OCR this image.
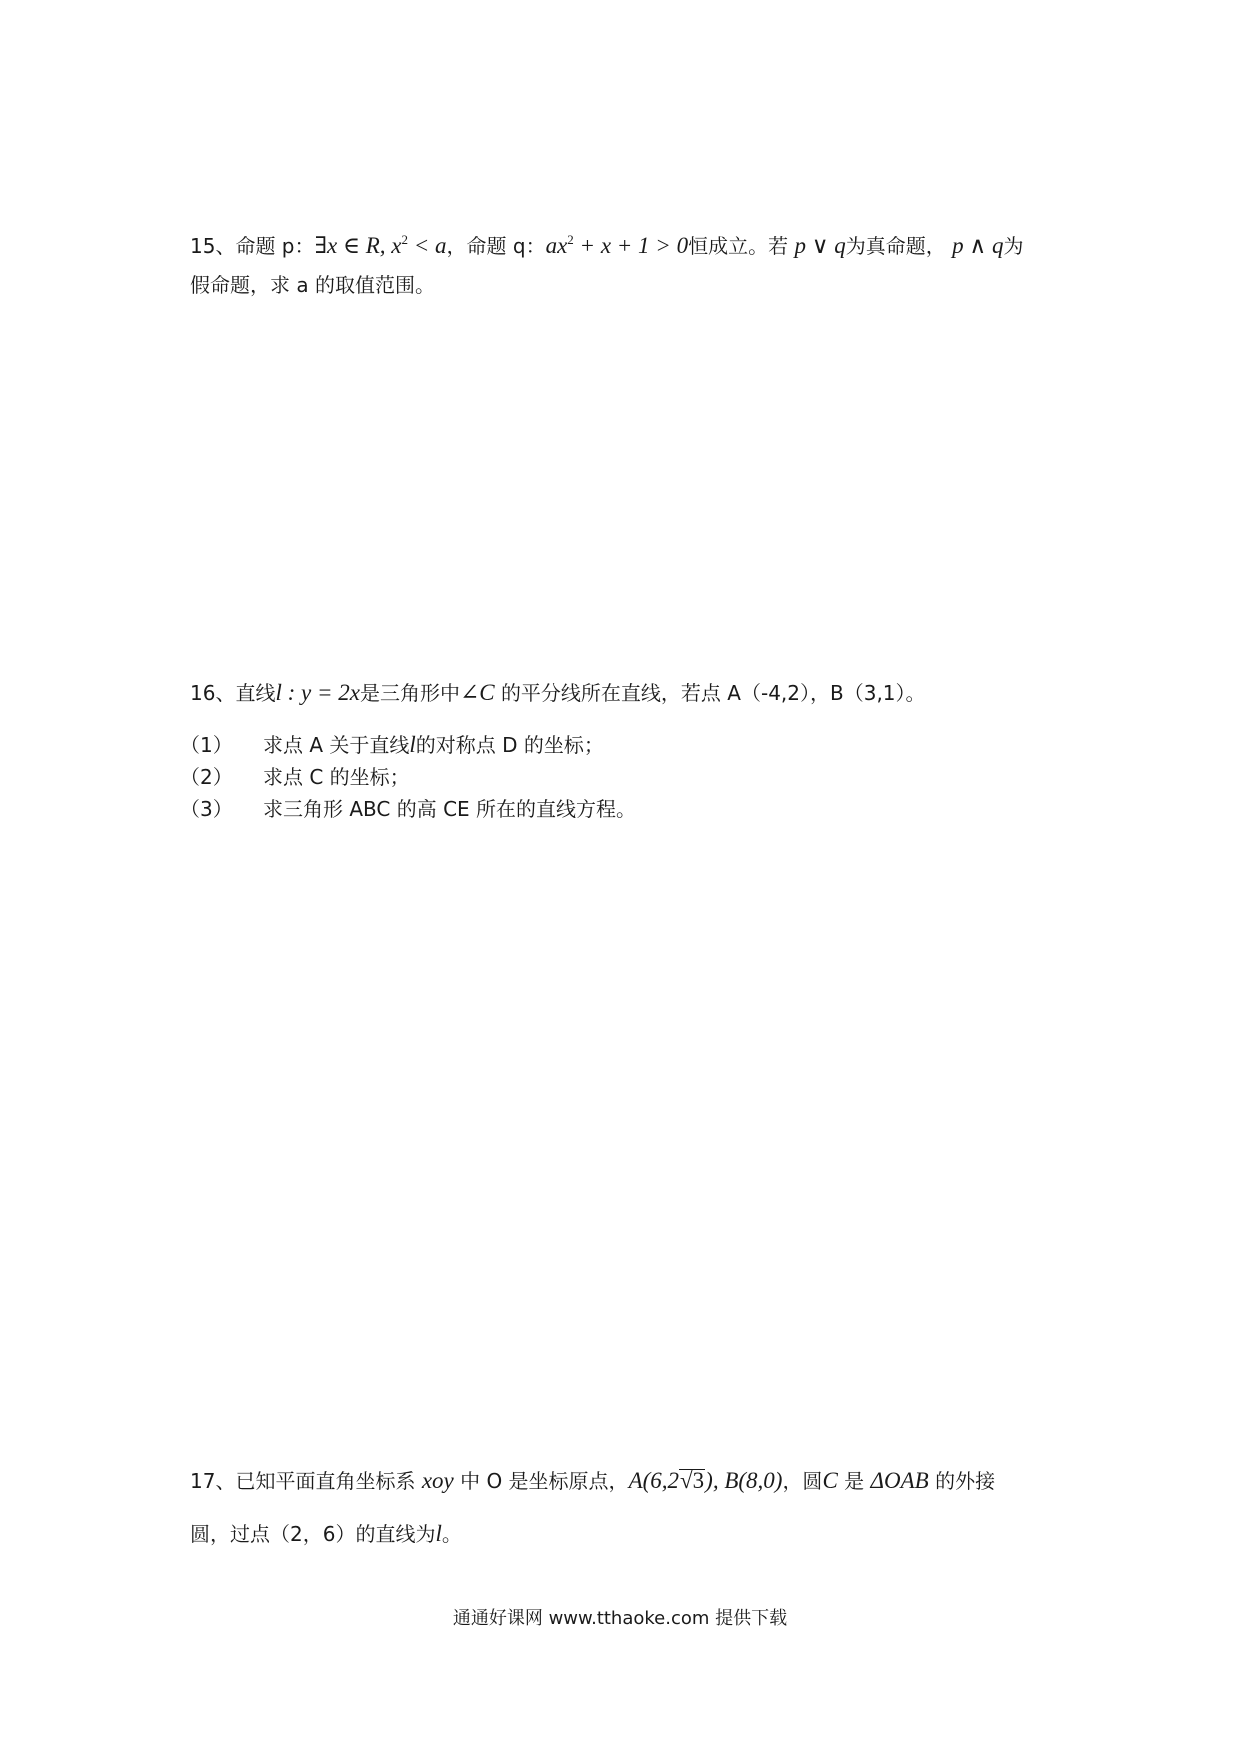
15、命题 p：∃x ∈ R, $x^2 < a$，命题 q：$ax^2 + x + 1 > 0$恒成立。若 p ∨ q为真命题， p ∧ q为
假命题，求 a 的取值范围。
16、直线l : y = 2x是三角形中∠C 的平分线所在直线，若点 A（-4,2），B（3,1）。
（1） 求点 A 关于直线l的对称点 D 的坐标；
（2） 求点 C 的坐标；
（3） 求三角形 ABC 的高 CE 所在的直线方程。
17、已知平面直角坐标系 xoy 中 O 是坐标原点，A(6,2√3), B(8,0)，圆C 是 ΔOAB 的外接
圆，过点（2，6）的直线为l。
通通好课网 www.tthaoke.com 提供下载
